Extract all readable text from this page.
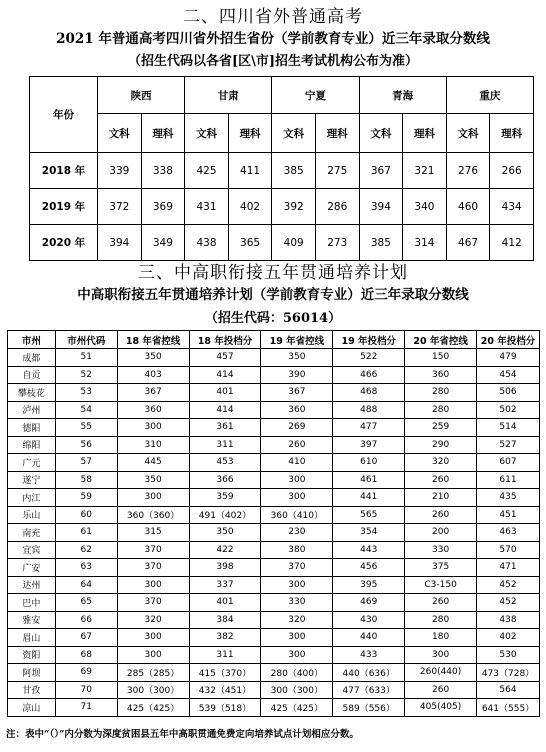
二、四川省外普通高考
2021 年普通高考四川省外招生省份（学前教育专业）近三年录取分数线
（招生代码以各省[区\市]招生考试机构公布为准）
年份	陕西		甘肃		宁夏		青海		重庆	
	文科	理科	文科	理科	文科	理科	文科	理科	文科	理科
2018 年	339	338	425	411	385	275	367	321	276	266
2019 年	372	369	431	402	392	286	394	340	460	434
2020 年	394	349	438	365	409	273	385	314	467	412
三、中高职衔接五年贯通培养计划
中高职衔接五年贯通培养计划（学前教育专业）近三年录取分数线
（招生代码：56014）
市州	市州代码	18 年省控线	18 年投档分	19 年省控线	19 年投档分	20 年省控线	20 年投档分
成都	51	350	457	350	522	150	479
自贡	52	403	414	390	466	360	454
攀枝花	53	367	401	367	468	280	506
泸州	54	360	414	360	488	280	502
德阳	55	300	361	269	477	259	514
绵阳	56	310	311	260	397	290	527
广元	57	445	453	410	610	320	607
遂宁	58	350	366	300	461	260	611
内江	59	300	359	300	441	210	435
乐山	60	360（360）	491（402）	360（410）	565	260	451
南充	61	315	350	230	354	200	463
宜宾	62	370	422	380	443	330	570
广安	63	370	398	370	456	375	471
达州	64	300	337	300	395	C3-150	452
巴中	65	370	401	330	469	260	452
雅安	66	320	384	320	430	280	438
眉山	67	300	382	300	440	180	402
资阳	68	300	311	300	433	300	530
阿坝	69	285（285）	415（370）	280（400）	440（636）	260(440)	473（728）
甘孜	70	300（300）	432（451）	300（300）	477（633）	260	564
凉山	71	425（425）	539（518）	425（425）	589（556）	405(405)	641（555）
注：表中“（）”内分数为深度贫困县五年中高职贯通免费定向培养试点计划相应分数。
